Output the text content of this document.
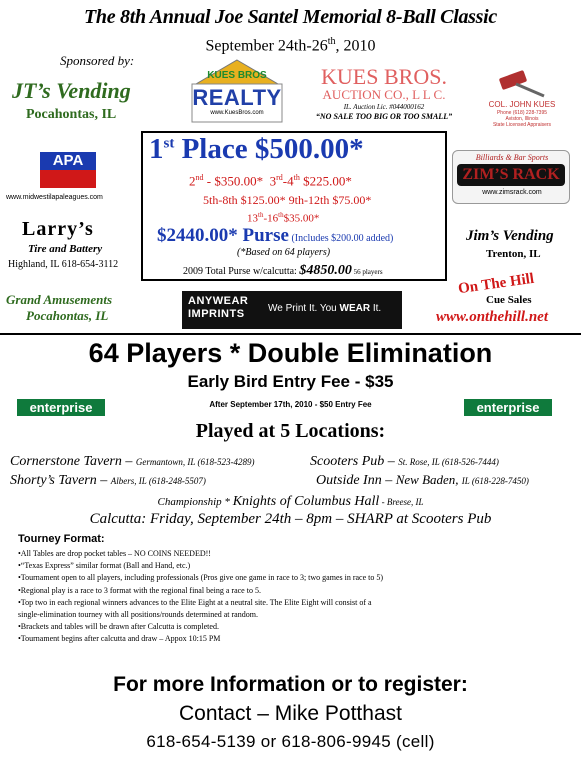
The 8th Annual Joe Santel Memorial 8-Ball Classic
September 24th-26th, 2010
Sponsored by:
JT’s Vending
Pocahontas, IL
KUES BROS
REALTY
www.KuesBros.com
KUES BROS.
AUCTION CO., L L C.
IL. Auction Lic. #044000162
“NO SALE TOO BIG OR TOO SMALL”
COL. JOHN KUES
Phone (618) 228-7395
Aviston, Illinois
State Licensed Appraisers
APA
www.midwestilapaleagues.com
Larry’s
Tire and Battery
Highland, IL 618-654-3112
Grand Amusements
Pocahontas, IL
Billiards & Bar Sports
ZIM’S RACK
www.zimsrack.com
Jim’s Vending
Trenton, IL
On The Hill
Cue Sales
www.onthehill.net
ANYWEAR
IMPRINTS We Print It. You WEAR It.
1st Place $500.00*
2nd - $350.00* 3rd-4th $225.00*
5th-8th $125.00* 9th-12th $75.00*
13th-16th$35.00*
$2440.00* Purse (Includes $200.00 added)
(*Based on 64 players)
2009 Total Purse w/calcutta: $4850.00 56 players
64 Players * Double Elimination
Early Bird Entry Fee - $35
After September 17th, 2010 - $50 Entry Fee
enterprise	enterprise
Played at 5 Locations:
Cornerstone Tavern – Germantown, IL (618-523-4289)	Scooters Pub – St. Rose, IL (618-526-7444)
Shorty’s Tavern – Albers, IL (618-248-5507)	Outside Inn – New Baden, IL (618-228-7450)
Championship * Knights of Columbus Hall - Breese, IL
Calcutta: Friday, September 24th – 8pm – SHARP at Scooters Pub
Tourney Format:
•All Tables are drop pocket tables – NO COINS NEEDED!!
•“Texas Express” similar format (Ball and Hand, etc.)
•Tournament open to all players, including professionals (Pros give one game in race to 3; two games in race to 5)
•Regional play is a race to 3 format with the regional final being a race to 5.
•Top two in each regional winners advances to the Elite Eight at a neutral site. The Elite Eight will consist of a
single-elimination tourney with all positions/rounds determined at random.
•Brackets and tables will be drawn after Calcutta is completed.
•Tournament begins after calcutta and draw – Appox 10:15 PM
For more Information or to register:
Contact – Mike Potthast
618-654-5139 or 618-806-9945 (cell)
